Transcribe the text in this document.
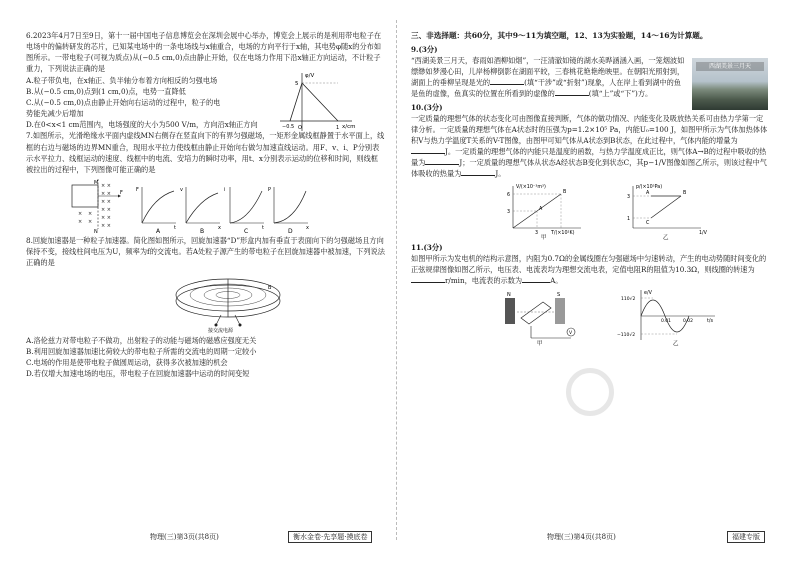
6.2023年4月7日至9日，第十一届中国电子信息博览会在深圳会展中心举办，博览会上展示的是利用带电粒子在电场中的偏转研发的芯片，已知某电场中的一条电场线与x轴重合，电场的方向平行于x轴，其电势φ随x的分布如图所示。一带电粒子(可视为质点)从(−0.5 cm,0)点由静止开始，仅在电场力作用下沿x轴正方向运动，不计粒子重力，下列说法正确的是

A.粒子带负电，在x轴正、负半轴分布着方向相反的匀强电场

B.从(−0.5 cm,0)点到(1 cm,0)点，电势一直降低

C.从(−0.5 cm,0)点由静止开始向右运动的过程中，粒子的电势能先减少后增加

φ/V
5
x/cm
−0.5 O	1

D.在0<x<1 cm范围内，电场强度的大小为500 V/m，方向沿x轴正方向

7.如图所示，光滑绝缘水平面内虚线MN右侧存在竖直向下的有界匀强磁场，一矩形金属线框静置于水平面上，线框的右边与磁场的边界MN重合，现用水平拉力使线框由静止开始向右做匀加速直线运动。用F、v、i、P分别表示水平拉力、线框运动的速度、线框中的电流、安培力的瞬时功率，用t、x分别表示运动的位移和时间，则线框被拉出的过程中，下列图像可能正确的是

M
N
× ×
× ×
× ×
× ×
× ×
× ×
× ×
× ×
F	F
t
A
v
x
B
i
t
C
P
x
D

8.回旋加速器是一种粒子加速器。简化图如图所示，回旋加速器“D”形盒内加有垂直于表面向下的匀强磁场且方向保持不变，接线柱间电压为U，频率为f的交流电。若A处粒子源产生的带电粒子在回旋加速器中被加速，下列说法正确的是

B
接交流电源

A.洛伦兹力对带电粒子不做功，出射粒子的动能与磁场的磁感应强度无关

B.利用回旋加速器加速比荷较大的带电粒子所需的交流电的周期一定较小

C.电场的作用是使带电粒子做圆周运动，获得多次被加速的机会

D.若仅增大加速电场的电压，带电粒子在回旋加速器中运动的时间变短

物理(三)第3页(共8页)	衡水金卷·先享题·摸底卷

三、非选择题：共60分，其中9～11为填空题，12、13为实验题，14～16为计算题。

9.(3分)

“西湖美景三月天，春雨如酒柳如烟”，一汪清澈如镜的湖水美晔涵涵入画，一笼烟波如缥缈如梦漫心田，儿岸杨柳倒影在湖面平皎，三春桃花艳艳绝映里。在朝阳光照射到，湖面上的垂柳呈现是光的	(填“干涉”或“折射”)现象，人在岸上看到湖中的鱼是鱼的虚像，鱼真实的位置在所看到的虚像的	(填“上”或“下”)方。

10.(3分)

一定质量的理想气体的状态变化可由图像直接判断，气体的做功情况、内能变化及吸放热关系可由热力学第一定律分析。一定质量的理想气体在A状态时的压强为p=1.2×10⁵ Pa，内能U₀=100 J，如图甲所示为气体加热体体积V与热力学温度T关系的V-T图像，由图甲可知气体从A状态到B状态，在此过程中，气体内能的增量为J。一定质量的理想气体的内能只是温度的函数，与热力学温度成正比，则气体A→B的过程中吸收的热量为	J；一定质量的理想气体从状态A经状态B变化到状态C，其p−1/V图像如图乙所示，则该过程中气体吸收的热量为	J。

V/(×10⁻³m³)
T/(×10²K)
6
3
3
A
B
甲
p/(×10⁵Pa)
1/V
3
1
A	B
C
乙

11.(3分)

如图甲所示为发电机的结构示意图，内阻为0.7Ω的金属线圈在匀强磁场中匀速转动，产生的电动势随时间变化的正弦规律图像如图乙所示，电压表、电流表均为理想交流电表，定值电阻R的阻值为10.3Ω，则线圈的转速为r/min，电流表的示数为	A。

N	S
V
甲
e/V
110√2
−110√2
0.01	0.02	t/s
乙
物理(三)第4页(共8页)	福建专版
西湖美景三月天
